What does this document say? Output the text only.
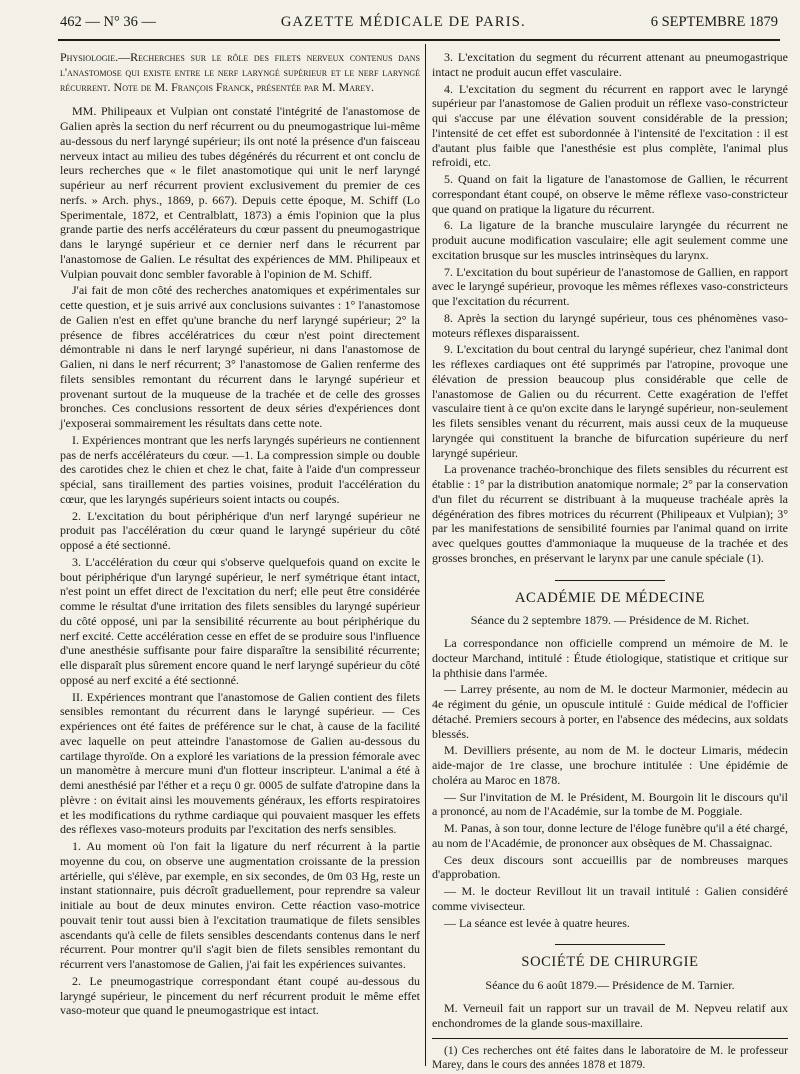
462 — N° 36 —	GAZETTE MÉDICALE DE PARIS.	6 SEPTEMBRE 1879

Physiologie.—Recherches sur le rôle des filets nerveux contenus dans l'anastomose qui existe entre le nerf laryngé supérieur et le nerf laryngé récurrent. Note de M. François Franck, présentée par M. Marey.

MM. Philipeaux et Vulpian ont constaté l'intégrité de l'anastomose de Galien après la section du nerf récurrent ou du pneumogastrique lui-même au-dessous du nerf laryngé supérieur; ils ont noté la présence d'un faisceau nerveux intact au milieu des tubes dégénérés du récurrent et ont conclu de leurs recherches que « le filet anastomotique qui unit le nerf laryngé supérieur au nerf récurrent provient exclusivement du premier de ces nerfs. » Arch. phys., 1869, p. 667). Depuis cette époque, M. Schiff (Lo Sperimentale, 1872, et Centralblatt, 1873) a émis l'opinion que la plus grande partie des nerfs accélérateurs du cœur passent du pneumogastrique dans le laryngé supérieur et ce dernier nerf dans le récurrent par l'anastomose de Galien. Le résultat des expériences de MM. Philipeaux et Vulpian pouvait donc sembler favorable à l'opinion de M. Schiff.

J'ai fait de mon côté des recherches anatomiques et expérimentales sur cette question, et je suis arrivé aux conclusions suivantes : 1° l'anastomose de Galien n'est en effet qu'une branche du nerf laryngé supérieur; 2° la présence de fibres accélératrices du cœur n'est point directement démontrable ni dans le nerf laryngé supérieur, ni dans l'anastomose de Galien, ni dans le nerf récurrent; 3° l'anastomose de Galien renferme des filets sensibles remontant du récurrent dans le laryngé supérieur et provenant surtout de la muqueuse de la trachée et de celle des grosses bronches. Ces conclusions ressortent de deux séries d'expériences dont j'exposerai sommairement les résultats dans cette note.

I. Expériences montrant que les nerfs laryngés supérieurs ne contiennent pas de nerfs accélérateurs du cœur. —1. La compression simple ou double des carotides chez le chien et chez le chat, faite à l'aide d'un compresseur spécial, sans tiraillement des parties voisines, produit l'accélération du cœur, que les laryngés supérieurs soient intacts ou coupés.

2. L'excitation du bout périphérique d'un nerf laryngé supérieur ne produit pas l'accélération du cœur quand le laryngé supérieur du côté opposé a été sectionné.

3. L'accélération du cœur qui s'observe quelquefois quand on excite le bout périphérique d'un laryngé supérieur, le nerf symétrique étant intact, n'est point un effet direct de l'excitation du nerf; elle peut être considérée comme le résultat d'une irritation des filets sensibles du laryngé supérieur du côté opposé, uni par la sensibilité récurrente au bout périphérique du nerf excité. Cette accélération cesse en effet de se produire sous l'influence d'une anesthésie suffisante pour faire disparaître la sensibilité récurrente; elle disparaît plus sûrement encore quand le nerf laryngé supérieur du côté opposé au nerf excité a été sectionné.

II. Expériences montrant que l'anastomose de Galien contient des filets sensibles remontant du récurrent dans le laryngé supérieur. — Ces expériences ont été faites de préférence sur le chat, à cause de la facilité avec laquelle on peut atteindre l'anastomose de Galien au-dessous du cartilage thyroïde. On a exploré les variations de la pression fémorale avec un manomètre à mercure muni d'un flotteur inscripteur. L'animal a été à demi anesthésié par l'éther et a reçu 0 gr. 0005 de sulfate d'atropine dans la plèvre : on évitait ainsi les mouvements généraux, les efforts respiratoires et les modifications du rythme cardiaque qui pouvaient masquer les effets des réflexes vaso-moteurs produits par l'excitation des nerfs sensibles.

1. Au moment où l'on fait la ligature du nerf récurrent à la partie moyenne du cou, on observe une augmentation croissante de la pression artérielle, qui s'élève, par exemple, en six secondes, de 0m 03 Hg, reste un instant stationnaire, puis décroît graduellement, pour reprendre sa valeur initiale au bout de deux minutes environ. Cette réaction vaso-motrice pouvait tenir tout aussi bien à l'excitation traumatique de filets sensibles ascendants qu'à celle de filets sensibles descendants contenus dans le nerf récurrent. Pour montrer qu'il s'agit bien de filets sensibles remontant du récurrent vers l'anastomose de Galien, j'ai fait les expériences suivantes.

2. Le pneumogastrique correspondant étant coupé au-dessous du laryngé supérieur, le pincement du nerf récurrent produit le même effet vaso-moteur que quand le pneumogastrique est intact.

3. L'excitation du segment du récurrent attenant au pneumogastrique intact ne produit aucun effet vasculaire.

4. L'excitation du segment du récurrent en rapport avec le laryngé supérieur par l'anastomose de Galien produit un réflexe vaso-constricteur qui s'accuse par une élévation souvent considérable de la pression; l'intensité de cet effet est subordonnée à l'intensité de l'excitation : il est d'autant plus faible que l'anesthésie est plus complète, l'animal plus refroidi, etc.

5. Quand on fait la ligature de l'anastomose de Gallien, le récurrent correspondant étant coupé, on observe le même réflexe vaso-constricteur que quand on pratique la ligature du récurrent.

6. La ligature de la branche musculaire laryngée du récurrent ne produit aucune modification vasculaire; elle agit seulement comme une excitation brusque sur les muscles intrinsèques du larynx.

7. L'excitation du bout supérieur de l'anastomose de Gallien, en rapport avec le laryngé supérieur, provoque les mêmes réflexes vaso-constricteurs que l'excitation du récurrent.

8. Après la section du laryngé supérieur, tous ces phénomènes vaso-moteurs réflexes disparaissent.

9. L'excitation du bout central du laryngé supérieur, chez l'animal dont les réflexes cardiaques ont été supprimés par l'atropine, provoque une élévation de pression beaucoup plus considérable que celle de l'anastomose de Galien ou du récurrent. Cette exagération de l'effet vasculaire tient à ce qu'on excite dans le laryngé supérieur, non-seulement les filets sensibles venant du récurrent, mais aussi ceux de la muqueuse laryngée qui constituent la branche de bifurcation supérieure du nerf laryngé supérieur.

La provenance trachéo-bronchique des filets sensibles du récurrent est établie : 1° par la distribution anatomique normale; 2° par la conservation d'un filet du récurrent se distribuant à la muqueuse trachéale après la dégénération des fibres motrices du récurrent (Philipeaux et Vulpian); 3° par les manifestations de sensibilité fournies par l'animal quand on irrite avec quelques gouttes d'ammoniaque la muqueuse de la trachée et des grosses bronches, en préservant le larynx par une canule spéciale (1).

ACADÉMIE DE MÉDECINE

Séance du 2 septembre 1879. — Présidence de M. Richet.

La correspondance non officielle comprend un mémoire de M. le docteur Marchand, intitulé : Étude étiologique, statistique et critique sur la phthisie dans l'armée.

— Larrey présente, au nom de M. le docteur Marmonier, médecin au 4e régiment du génie, un opuscule intitulé : Guide médical de l'officier détaché. Premiers secours à porter, en l'absence des médecins, aux soldats blessés.

M. Devilliers présente, au nom de M. le docteur Limaris, médecin aide-major de 1re classe, une brochure intitulée : Une épidémie de choléra au Maroc en 1878.

— Sur l'invitation de M. le Président, M. Bourgoin lit le discours qu'il a prononcé, au nom de l'Académie, sur la tombe de M. Poggiale.

M. Panas, à son tour, donne lecture de l'éloge funèbre qu'il a été chargé, au nom de l'Académie, de prononcer aux obsèques de M. Chassaignac.

Ces deux discours sont accueillis par de nombreuses marques d'approbation.

— M. le docteur Revillout lit un travail intitulé : Galien considéré comme vivisecteur.

— La séance est levée à quatre heures.

SOCIÉTÉ DE CHIRURGIE

Séance du 6 août 1879.— Présidence de M. Tarnier.

M. Verneuil fait un rapport sur un travail de M. Nepveu relatif aux enchondromes de la glande sous-maxillaire.

(1) Ces recherches ont été faites dans le laboratoire de M. le professeur Marey, dans le cours des années 1878 et 1879.
